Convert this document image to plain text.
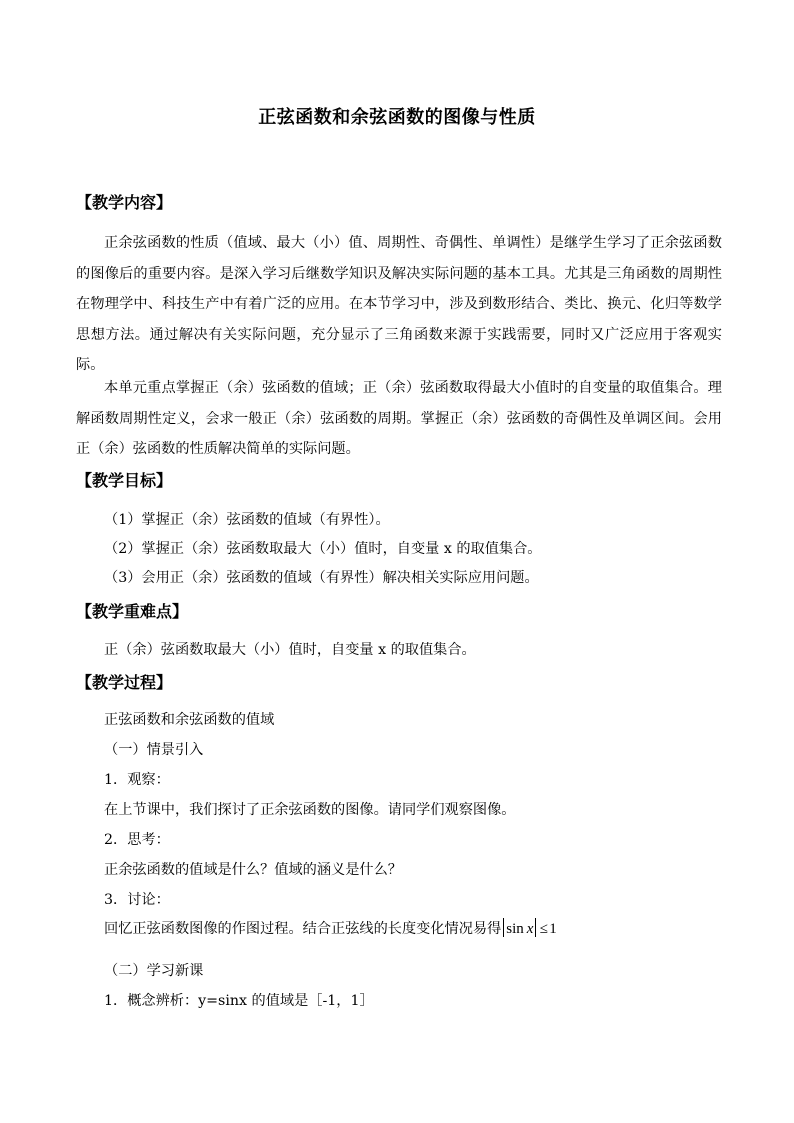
正弦函数和余弦函数的图像与性质
【教学内容】
正余弦函数的性质（值域、最大（小）值、周期性、奇偶性、单调性）是继学生学习了正余弦函数的图像后的重要内容。是深入学习后继数学知识及解决实际问题的基本工具。尤其是三角函数的周期性在物理学中、科技生产中有着广泛的应用。在本节学习中，涉及到数形结合、类比、换元、化归等数学思想方法。通过解决有关实际问题，充分显示了三角函数来源于实践需要，同时又广泛应用于客观实际。
本单元重点掌握正（余）弦函数的值域；正（余）弦函数取得最大小值时的自变量的取值集合。理解函数周期性定义，会求一般正（余）弦函数的周期。掌握正（余）弦函数的奇偶性及单调区间。会用正（余）弦函数的性质解决简单的实际问题。
【教学目标】
（1）掌握正（余）弦函数的值域（有界性）。
（2）掌握正（余）弦函数取最大（小）值时，自变量 x 的取值集合。
（3）会用正（余）弦函数的值域（有界性）解决相关实际应用问题。
【教学重难点】
正（余）弦函数取最大（小）值时，自变量 x 的取值集合。
【教学过程】
正弦函数和余弦函数的值域
（一）情景引入
1．观察：
在上节课中，我们探讨了正余弦函数的图像。请同学们观察图像。
2．思考：
正余弦函数的值域是什么？值域的涵义是什么？
3．讨论：
回忆正弦函数图像的作图过程。结合正弦线的长度变化情况易得 sin  x  ≤ 1
（二）学习新课
1．概念辨析：y=sinx 的值域是［-1，1］
